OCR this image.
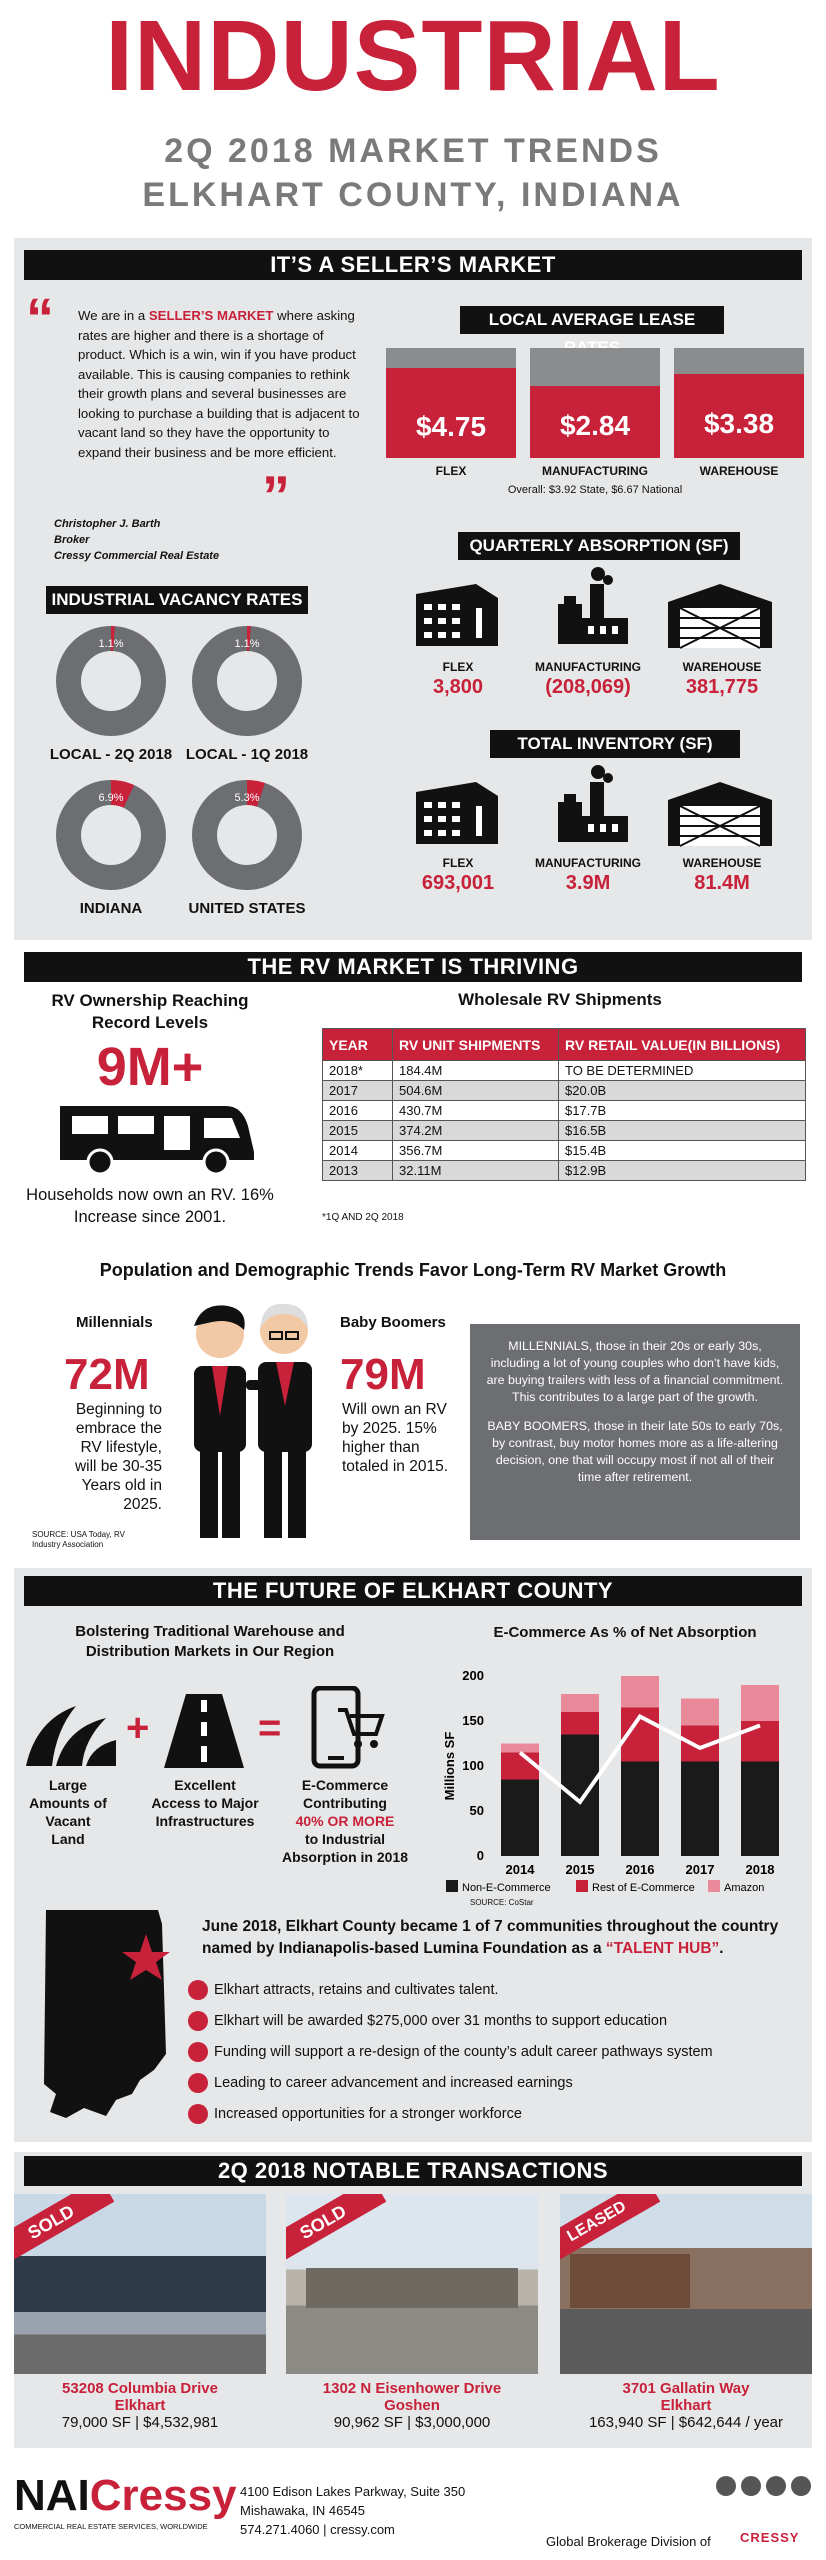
INDUSTRIAL
2Q 2018 MARKET TRENDS
ELKHART COUNTY, INDIANA
IT’S A SELLER’S MARKET
“ We are in a SELLER’S MARKET where asking rates are higher and there is a shortage of product. Which is a win, win if you have product available. This is causing companies to rethink their growth plans and several businesses are looking to purchase a building that is adjacent to vacant land so they have the opportunity to expand their business and be more efficient.
”
Christopher J. Barth
Broker
Cressy Commercial Real Estate
LOCAL AVERAGE LEASE
$4.75	$2.84	$3.38
FLEX	MANUFACTURING	WAREHOUSE
Overall: $3.92 State, $6.67 National
INDUSTRIAL VACANCY RATES
1.1%	1.1%
LOCAL - 2Q 2018 LOCAL - 1Q 2018
6.9%	5.3%
INDIANA	UNITED STATES
QUARTERLY ABSORPTION (SF)
FLEX	MANUFACTURING	WAREHOUSE
3,800	(208,069)	381,775
TOTAL INVENTORY (SF)
FLEX	MANUFACTURING	WAREHOUSE
693,001	3.9M	81.4M
THE RV MARKET IS THRIVING
RV Ownership Reaching Record Levels
9M+
Households now own an RV. 16% Increase since 2001.
Wholesale RV Shipments
YEAR	RV UNIT SHIPMENTS	RV RETAIL VALUE(IN BILLIONS)
2018*	184.4M	TO BE DETERMINED
2017	504.6M	$20.0B
2016	430.7M	$17.7B
2015	374.2M	$16.5B
2014	356.7M	$15.4B
2013	32.11M	$12.9B
*1Q AND 2Q 2018
Population and Demographic Trends Favor Long-Term RV Market Growth
Millennials
72M
Beginning to embrace the RV lifestyle, will be 30-35 Years old in 2025.
SOURCE: USA Today, RV Industry Association
Baby Boomers
79M
Will own an RV by 2025. 15% higher than totaled in 2015.
MILLENNIALS, those in their 20s or early 30s, including a lot of young couples who don’t have kids, are buying trailers with less of a financial commitment. This contributes to a large part of the growth.
BABY BOOMERS, those in their late 50s to early 70s, by contrast, buy motor homes more as a life-altering decision, one that will occupy most if not all of their time after retirement.
THE FUTURE OF ELKHART COUNTY
Bolstering Traditional Warehouse and Distribution Markets in Our Region
+	=
Large Amounts of Vacant Land
Excellent Access to Major Infrastructures
E-Commerce Contributing
40% OR MORE
to Industrial Absorption in 2018
E-Commerce As % of Net Absorption
Millions SF
0
50
100
150
200
2014 2015 2016 2017 2018
Non-E-Commerce	Rest of E-Commerce	Amazon
SOURCE: CoStar
June 2018, Elkhart County became 1 of 7 communities throughout the country named by Indianapolis-based Lumina Foundation as a “TALENT HUB”.
Elkhart attracts, retains and cultivates talent.
Elkhart will be awarded $275,000 over 31 months to support education
Funding will support a re-design of the county’s adult career pathways system
Leading to career advancement and increased earnings
Increased opportunities for a stronger workforce
2Q 2018 NOTABLE TRANSACTIONS
SOLD	SOLD	LEASED
53208 Columbia Drive
Elkhart
79,000 SF | $4,532,981
1302 N Eisenhower Drive
Goshen
90,962 SF | $3,000,000
3701 Gallatin Way
Elkhart
163,940 SF | $642,644 / year
NAICressy
COMMERCIAL REAL ESTATE SERVICES, WORLDWIDE
4100 Edison Lakes Parkway, Suite 350
Mishawaka, IN 46545
574.271.4060 | cressy.com
Global Brokerage Division of CRESSY
